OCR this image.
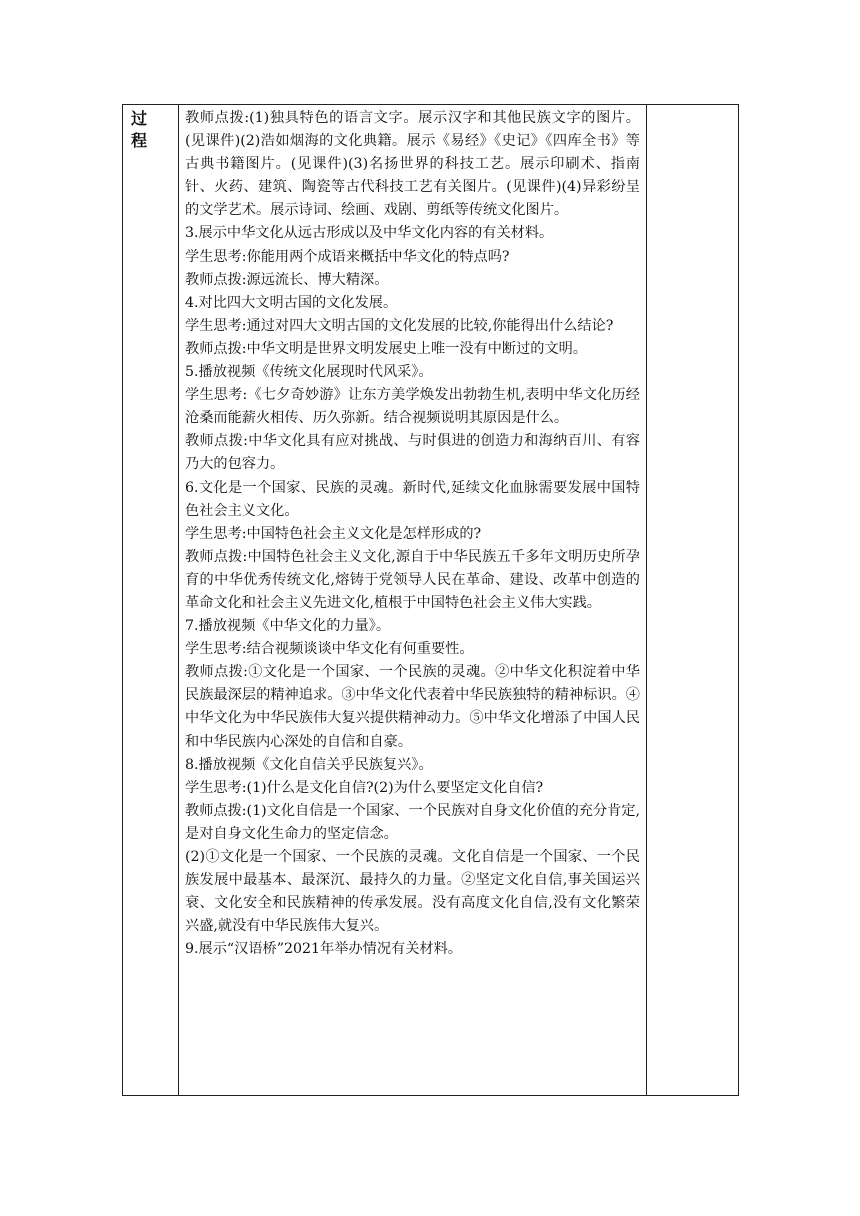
过程

教师点拨:(1)独具特色的语言文字。展示汉字和其他民族文字的图片。(见课件)(2)浩如烟海的文化典籍。展示《易经》《史记》《四库全书》等古典书籍图片。(见课件)(3)名扬世界的科技工艺。展示印刷术、指南针、火药、建筑、陶瓷等古代科技工艺有关图片。(见课件)(4)异彩纷呈的文学艺术。展示诗词、绘画、戏剧、剪纸等传统文化图片。

3.展示中华文化从远古形成以及中华文化内容的有关材料。

学生思考:你能用两个成语来概括中华文化的特点吗?

教师点拨:源远流长、博大精深。

4.对比四大文明古国的文化发展。

学生思考:通过对四大文明古国的文化发展的比较,你能得出什么结论?

教师点拨:中华文明是世界文明发展史上唯一没有中断过的文明。

5.播放视频《传统文化展现时代风采》。

学生思考:《七夕奇妙游》让东方美学焕发出勃勃生机,表明中华文化历经沧桑而能薪火相传、历久弥新。结合视频说明其原因是什么。

教师点拨:中华文化具有应对挑战、与时俱进的创造力和海纳百川、有容乃大的包容力。

6.文化是一个国家、民族的灵魂。新时代,延续文化血脉需要发展中国特色社会主义文化。

学生思考:中国特色社会主义文化是怎样形成的?

教师点拨:中国特色社会主义文化,源自于中华民族五千多年文明历史所孕育的中华优秀传统文化,熔铸于党领导人民在革命、建设、改革中创造的革命文化和社会主义先进文化,植根于中国特色社会主义伟大实践。

7.播放视频《中华文化的力量》。

学生思考:结合视频谈谈中华文化有何重要性。

教师点拨:①文化是一个国家、一个民族的灵魂。②中华文化积淀着中华民族最深层的精神追求。③中华文化代表着中华民族独特的精神标识。④中华文化为中华民族伟大复兴提供精神动力。⑤中华文化增添了中国人民和中华民族内心深处的自信和自豪。

8.播放视频《文化自信关乎民族复兴》。

学生思考:(1)什么是文化自信?(2)为什么要坚定文化自信?

教师点拨:(1)文化自信是一个国家、一个民族对自身文化价值的充分肯定,是对自身文化生命力的坚定信念。

(2)①文化是一个国家、一个民族的灵魂。文化自信是一个国家、一个民族发展中最基本、最深沉、最持久的力量。②坚定文化自信,事关国运兴衰、文化安全和民族精神的传承发展。没有高度文化自信,没有文化繁荣兴盛,就没有中华民族伟大复兴。

9.展示“汉语桥”2021年举办情况有关材料。
